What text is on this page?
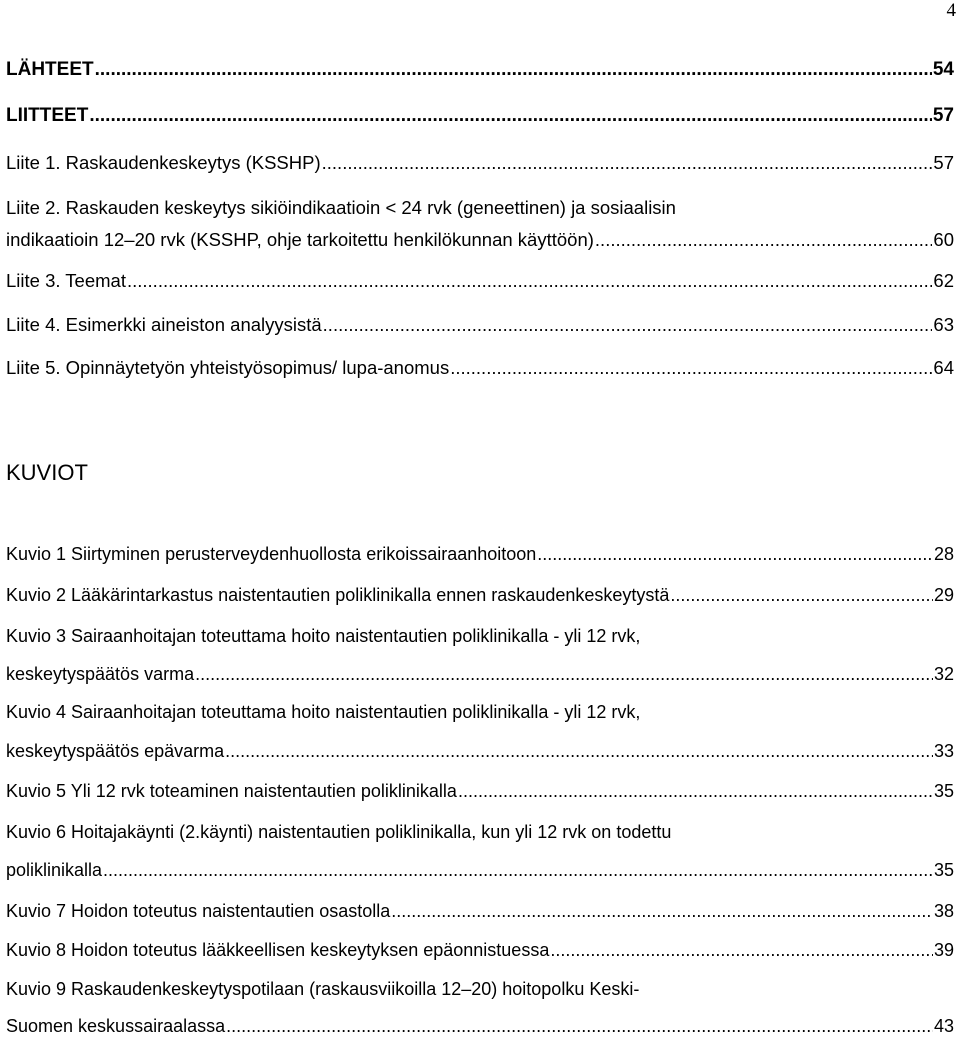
4
LÄHTEET .....	54
LIITTEET .....	57
Liite 1. Raskaudenkeskeytys (KSSHP) .....	57
Liite 2. Raskauden keskeytys sikiöindikaatioin < 24 rvk (geneettinen) ja sosiaalisin
indikaatioin 12–20 rvk (KSSHP, ohje tarkoitettu henkilökunnan käyttöön) .....	60
Liite 3. Teemat .....	62
Liite 4. Esimerkki aineiston analyysistä .....	63
Liite 5. Opinnäytetyön yhteistyösopimus/ lupa-anomus .....	64
KUVIOT
Kuvio 1 Siirtyminen perusterveydenhuollosta erikoissairaanhoitoon .....	28
Kuvio 2 Lääkärintarkastus naistentautien poliklinikalla ennen raskaudenkeskeytystä .....	29
Kuvio 3 Sairaanhoitajan toteuttama hoito naistentautien poliklinikalla - yli 12 rvk,
keskeytyspäätös varma .....	32
Kuvio 4 Sairaanhoitajan toteuttama hoito naistentautien poliklinikalla - yli 12 rvk,
keskeytyspäätös epävarma .....	33
Kuvio 5 Yli 12 rvk toteaminen naistentautien poliklinikalla .....	35
Kuvio 6 Hoitajakäynti (2.käynti) naistentautien poliklinikalla, kun yli 12 rvk on todettu
poliklinikalla .....	35
Kuvio 7 Hoidon toteutus naistentautien osastolla .....	38
Kuvio 8 Hoidon toteutus lääkkeellisen keskeytyksen epäonnistuessa .....	39
Kuvio 9 Raskaudenkeskeytyspotilaan (raskausviikoilla 12–20) hoitopolku Keski-
Suomen keskussairaalassa .....	43
